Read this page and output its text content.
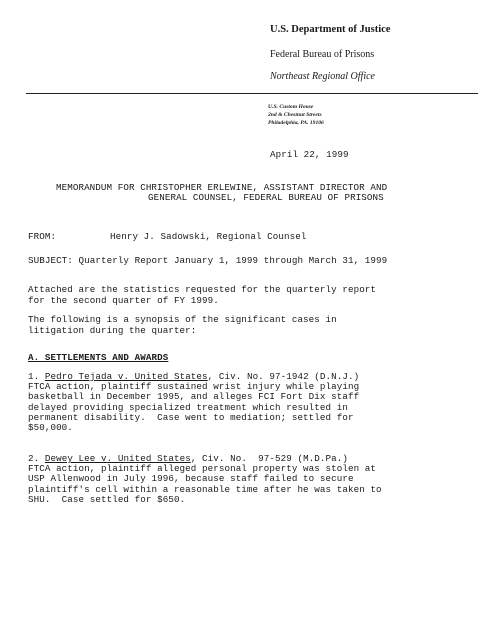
U.S. Department of Justice
Federal Bureau of Prisons
Northeast Regional Office
U.S. Custom House
2nd & Chestnut Streets
Philadelphia, PA. 19106
April 22, 1999
MEMORANDUM FOR CHRISTOPHER ERLEWINE, ASSISTANT DIRECTOR AND
GENERAL COUNSEL, FEDERAL BUREAU OF PRISONS
FROM:	Henry J. Sadowski, Regional Counsel
SUBJECT: Quarterly Report January 1, 1999 through March 31, 1999
Attached are the statistics requested for the quarterly report
for the second quarter of FY 1999.
The following is a synopsis of the significant cases in
litigation during the quarter:
A. SETTLEMENTS AND AWARDS
1. Pedro Tejada v. United States, Civ. No. 97-1942 (D.N.J.)
FTCA action, plaintiff sustained wrist injury while playing
basketball in December 1995, and alleges FCI Fort Dix staff
delayed providing specialized treatment which resulted in
permanent disability.  Case went to mediation; settled for
$50,000.
2. Dewey Lee v. United States, Civ. No.  97-529 (M.D.Pa.)
FTCA action, plaintiff alleged personal property was stolen at
USP Allenwood in July 1996, because staff failed to secure
plaintiff's cell within a reasonable time after he was taken to
SHU.  Case settled for $650.
